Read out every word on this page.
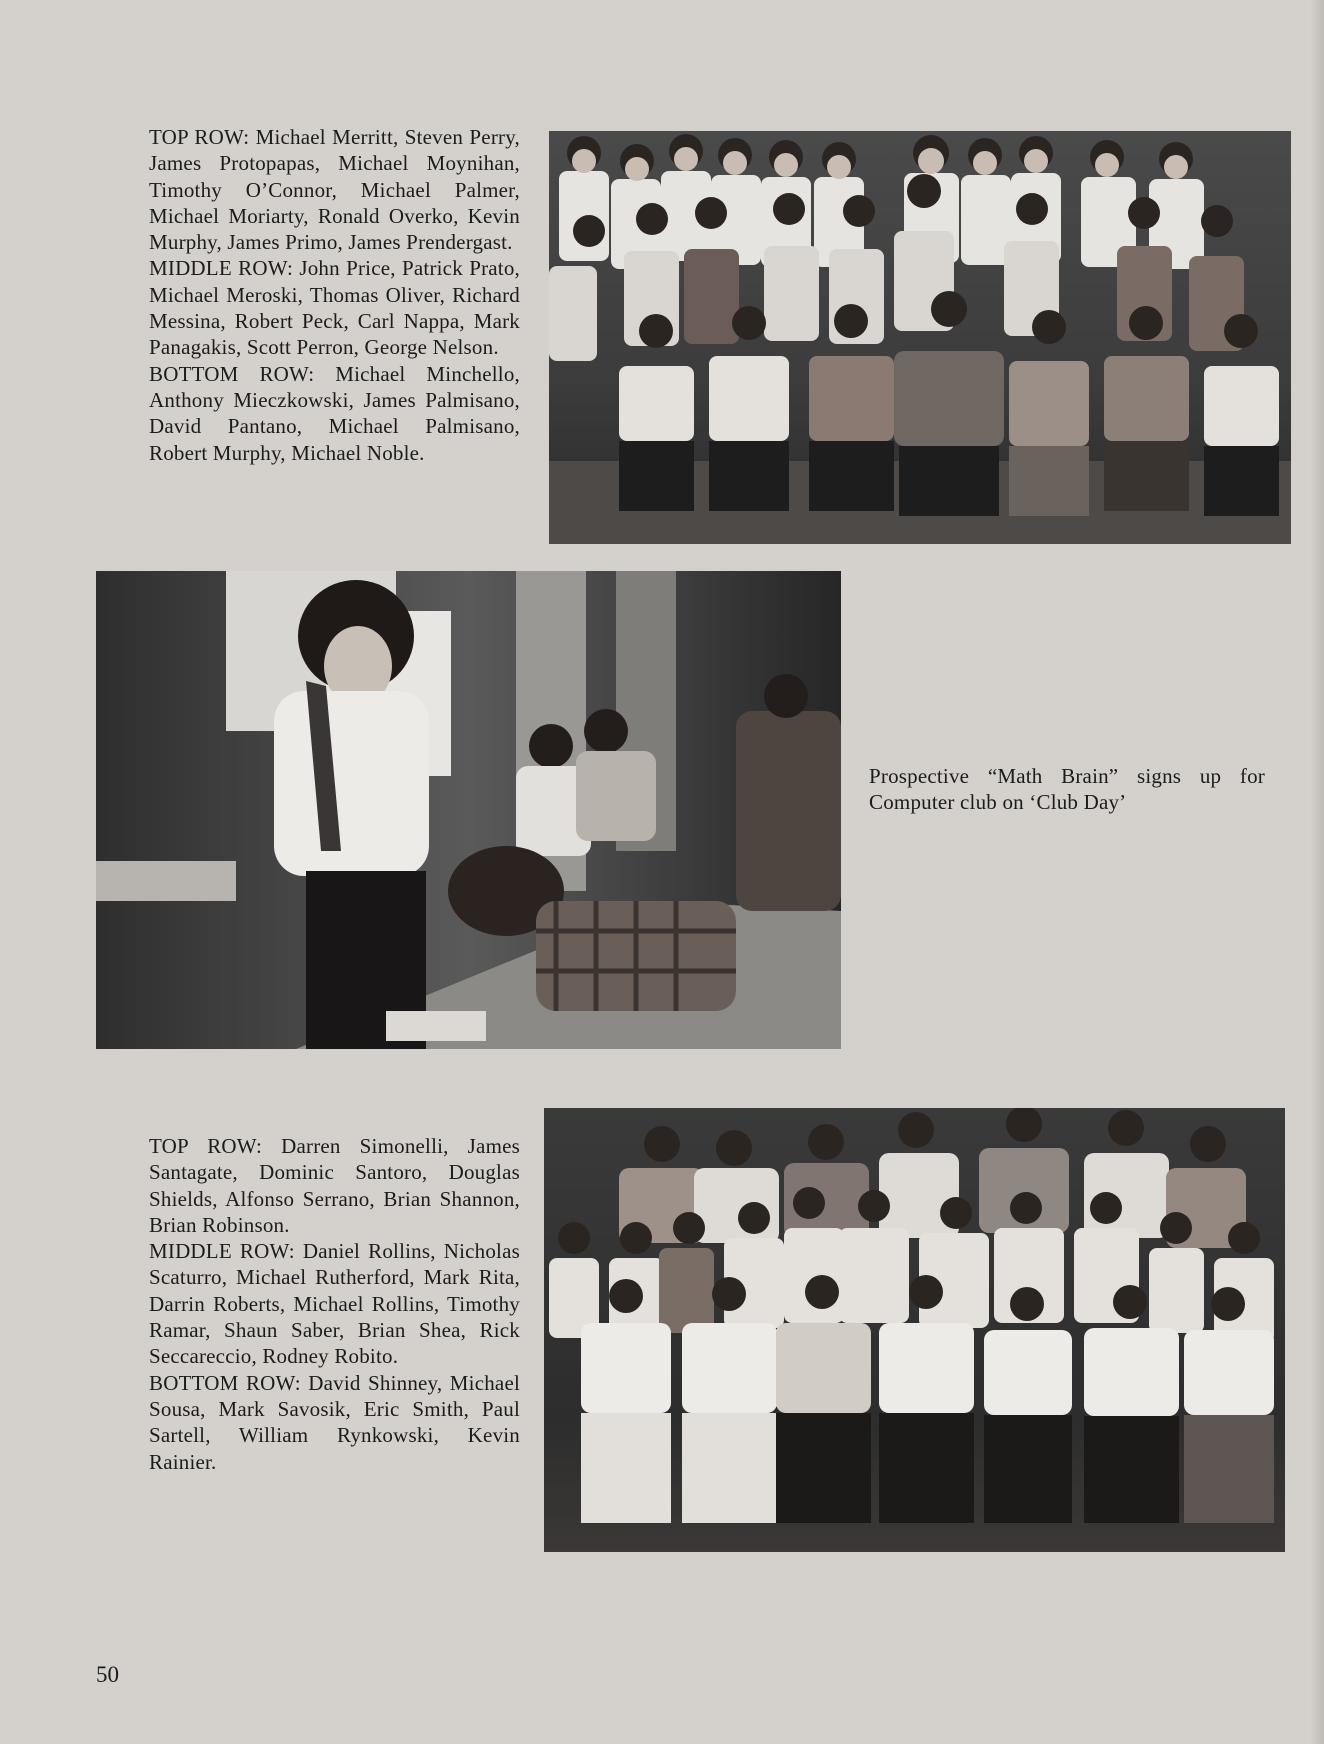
TOP ROW: Michael Merritt, Steven Perry, James Protopapas, Michael Moynihan, Timothy O’Connor, Michael Palmer, Michael Moriarty, Ronald Overko, Kevin Murphy, James Primo, James Prendergast.

MIDDLE ROW: John Price, Patrick Prato, Michael Meroski, Thomas Oliver, Richard Messina, Robert Peck, Carl Nappa, Mark Panagakis, Scott Perron, George Nelson.

BOTTOM ROW: Michael Minchello, Anthony Mieczkowski, James Palmisano, David Pantano, Michael Palmisano, Robert Murphy, Michael Noble.

Prospective “Math Brain” signs up for Computer club on ‘Club Day’

TOP ROW: Darren Simonelli, James Santagate, Dominic Santoro, Douglas Shields, Alfonso Serrano, Brian Shannon, Brian Robinson.

MIDDLE ROW: Daniel Rollins, Nicholas Scaturro, Michael Rutherford, Mark Rita, Darrin Roberts, Michael Rollins, Timothy Ramar, Shaun Saber, Brian Shea, Rick Seccareccio, Rodney Robito.

BOTTOM ROW: David Shinney, Michael Sousa, Mark Savosik, Eric Smith, Paul Sartell, William Rynkowski, Kevin Rainier.

50
